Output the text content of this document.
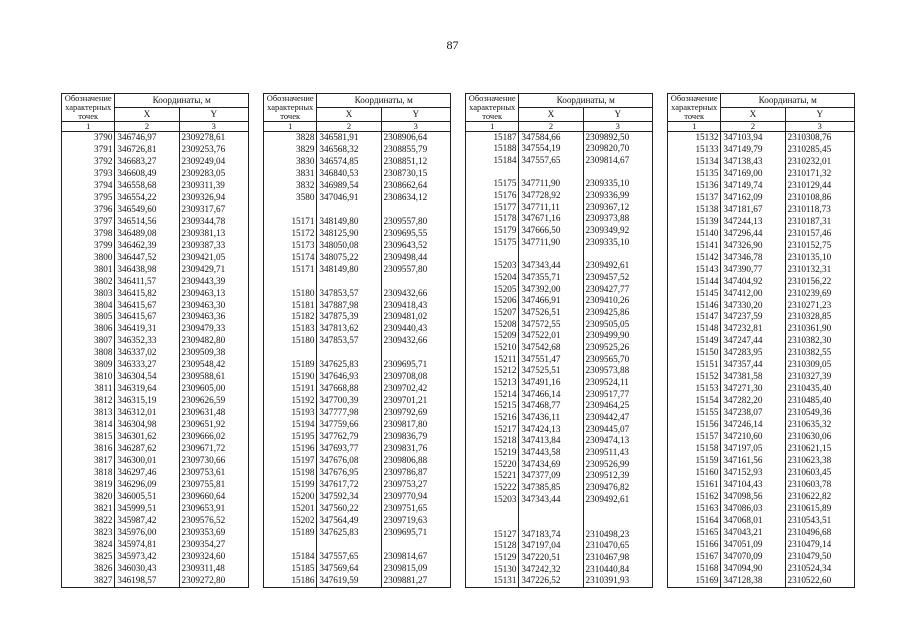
87
Обозначение характерных точек	Координаты, м	
	X	Y
1	2	3
3790	346746,97	2309278,61
3791	346726,81	2309253,76
3792	346683,27	2309249,04
3793	346608,49	2309283,05
3794	346558,68	2309311,39
3795	346554,22	2309326,94
3796	346549,60	2309317,67
3797	346514,56	2309344,78
3798	346489,08	2309381,13
3799	346462,39	2309387,33
3800	346447,52	2309421,05
3801	346438,98	2309429,71
3802	346411,57	2309443,39
3803	346415,82	2309463,13
3804	346415,67	2309463,30
3805	346415,67	2309463,36
3806	346419,31	2309479,33
3807	346352,33	2309482,80
3808	346337,02	2309509,38
3809	346333,27	2309548,42
3810	346304,54	2309588,61
3811	346319,64	2309605,00
3812	346315,19	2309626,59
3813	346312,01	2309631,48
3814	346304,98	2309651,92
3815	346301,62	2309666,02
3816	346287,62	2309671,72
3817	346300,01	2309730,66
3818	346297,46	2309753,61
3819	346296,09	2309755,81
3820	346005,51	2309660,64
3821	345999,51	2309653,91
3822	345987,42	2309576,52
3823	345976,00	2309353,69
3824	345974,81	2309354,27
3825	345973,42	2309324,60
3826	346030,43	2309311,48
3827	346198,57	2309272,80
Обозначение характерных точек	Координаты, м	
	X	Y
1	2	3
3828	346581,91	2308906,64
3829	346568,32	2308855,79
3830	346574,85	2308851,12
3831	346840,53	2308730,15
3832	346989,54	2308662,64
3580	347046,91	2308634,12

15171	348149,80	2309557,80
15172	348125,90	2309695,55
15173	348050,08	2309643,52
15174	348075,22	2309498,44
15171	348149,80	2309557,80

15180	347853,57	2309432,66
15181	347887,98	2309418,43
15182	347875,39	2309481,02
15183	347813,62	2309440,43
15180	347853,57	2309432,66

15189	347625,83	2309695,71
15190	347646,93	2309708,08
15191	347668,88	2309702,42
15192	347700,39	2309701,21
15193	347777,98	2309792,69
15194	347759,66	2309817,80
15195	347762,79	2309836,79
15196	347693,77	2309831,76
15197	347676,08	2309806,88
15198	347676,95	2309786,87
15199	347617,72	2309753,27
15200	347592,34	2309770,94
15201	347560,22	2309751,65
15202	347564,49	2309719,63
15189	347625,83	2309695,71

15184	347557,65	2309814,67
15185	347569,64	2309815,09
15186	347619,59	2309881,27
Обозначение характерных точек	Координаты, м	
	X	Y
1	2	3
15187	347584,66	2309892,50
15188	347554,19	2309820,70
15184	347557,65	2309814,67

15175	347711,90	2309335,10
15176	347728,92	2309336,99
15177	347711,11	2309367,12
15178	347671,16	2309373,88
15179	347666,50	2309349,92
15175	347711,90	2309335,10

15203	347343,44	2309492,61
15204	347355,71	2309457,52
15205	347392,00	2309427,77
15206	347466,91	2309410,26
15207	347526,51	2309425,86
15208	347572,55	2309505,05
15209	347522,01	2309499,90
15210	347542,68	2309525,26
15211	347551,47	2309565,70
15212	347525,51	2309573,88
15213	347491,16	2309524,11
15214	347466,14	2309517,77
15215	347468,77	2309464,25
15216	347436,11	2309442,47
15217	347424,13	2309445,07
15218	347413,84	2309474,13
15219	347443,58	2309511,43
15220	347434,69	2309526,99
15221	347377,09	2309512,39
15222	347385,85	2309476,82
15203	347343,44	2309492,61

15127	347183,74	2310498,23
15128	347197,04	2310470,65
15129	347220,51	2310467,98
15130	347242,32	2310440,84
15131	347226,52	2310391,93
Обозначение характерных точек	Координаты, м	
	X	Y
1	2	3
15132	347103,94	2310308,76
15133	347149,79	2310285,45
15134	347138,43	2310232,01
15135	347169,00	2310171,32
15136	347149,74	2310129,44
15137	347162,09	2310108,86
15138	347181,67	2310118,73
15139	347244,13	2310187,31
15140	347296,44	2310157,46
15141	347326,90	2310152,75
15142	347346,78	2310135,10
15143	347390,77	2310132,31
15144	347404,92	2310156,22
15145	347412,00	2310239,69
15146	347330,20	2310271,23
15147	347237,59	2310328,85
15148	347232,81	2310361,90
15149	347247,44	2310382,30
15150	347283,95	2310382,55
15151	347357,44	2310309,05
15152	347381,58	2310327,39
15153	347271,30	2310435,40
15154	347282,20	2310485,40
15155	347238,07	2310549,36
15156	347246,14	2310635,32
15157	347210,60	2310630,06
15158	347197,05	2310621,15
15159	347161,56	2310623,38
15160	347152,93	2310603,45
15161	347104,43	2310603,78
15162	347098,56	2310622,82
15163	347086,03	2310615,89
15164	347068,01	2310543,51
15165	347043,21	2310496,68
15166	347051,09	2310479,14
15167	347070,09	2310479,50
15168	347094,90	2310524,34
15169	347128,38	2310522,60
